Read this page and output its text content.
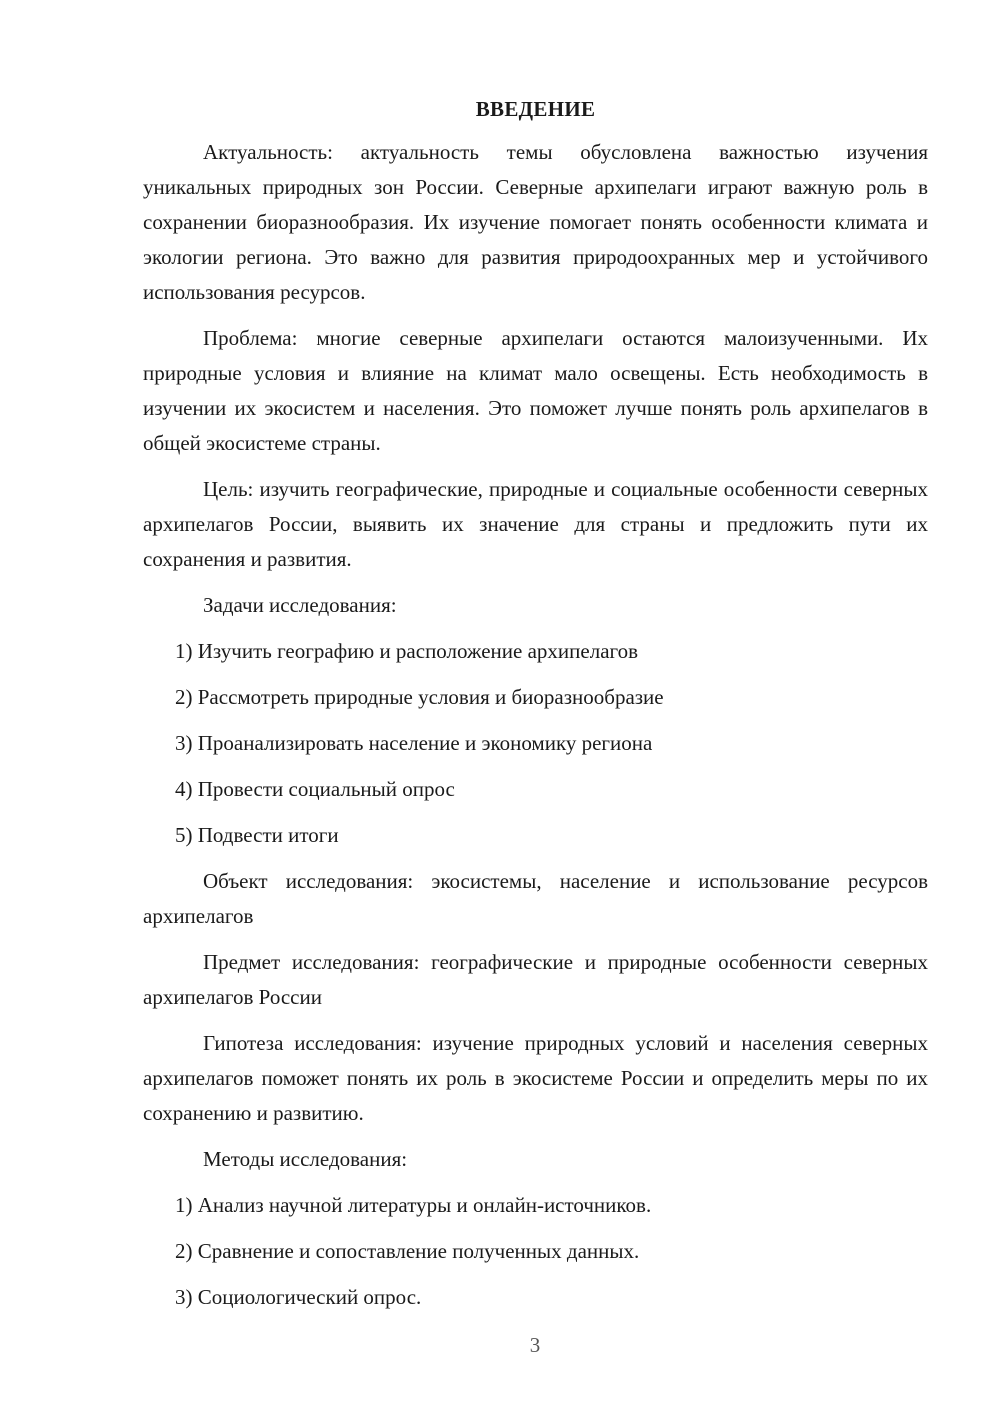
ВВЕДЕНИЕ

Актуальность: актуальность темы обусловлена важностью изучения уникальных природных зон России. Северные архипелаги играют важную роль в сохранении биоразнообразия. Их изучение помогает понять особенности климата и экологии региона. Это важно для развития природоохранных мер и устойчивого использования ресурсов.

Проблема: многие северные архипелаги остаются малоизученными. Их природные условия и влияние на климат мало освещены. Есть необходимость в изучении их экосистем и населения. Это поможет лучше понять роль архипелагов в общей экосистеме страны.

Цель: изучить географические, природные и социальные особенности северных архипелагов России, выявить их значение для страны и предложить пути их сохранения и развития.

Задачи исследования:

1) Изучить географию и расположение архипелагов
2) Рассмотреть природные условия и биоразнообразие
3) Проанализировать население и экономику региона
4) Провести социальный опрос
5) Подвести итоги

Объект исследования: экосистемы, население и использование ресурсов архипелагов

Предмет исследования: географические и природные особенности северных архипелагов России

Гипотеза исследования: изучение природных условий и населения северных архипелагов поможет понять их роль в экосистеме России и определить меры по их сохранению и развитию.

Методы исследования:

1) Анализ научной литературы и онлайн-источников.
2) Сравнение и сопоставление полученных данных.
3) Социологический опрос.
3
